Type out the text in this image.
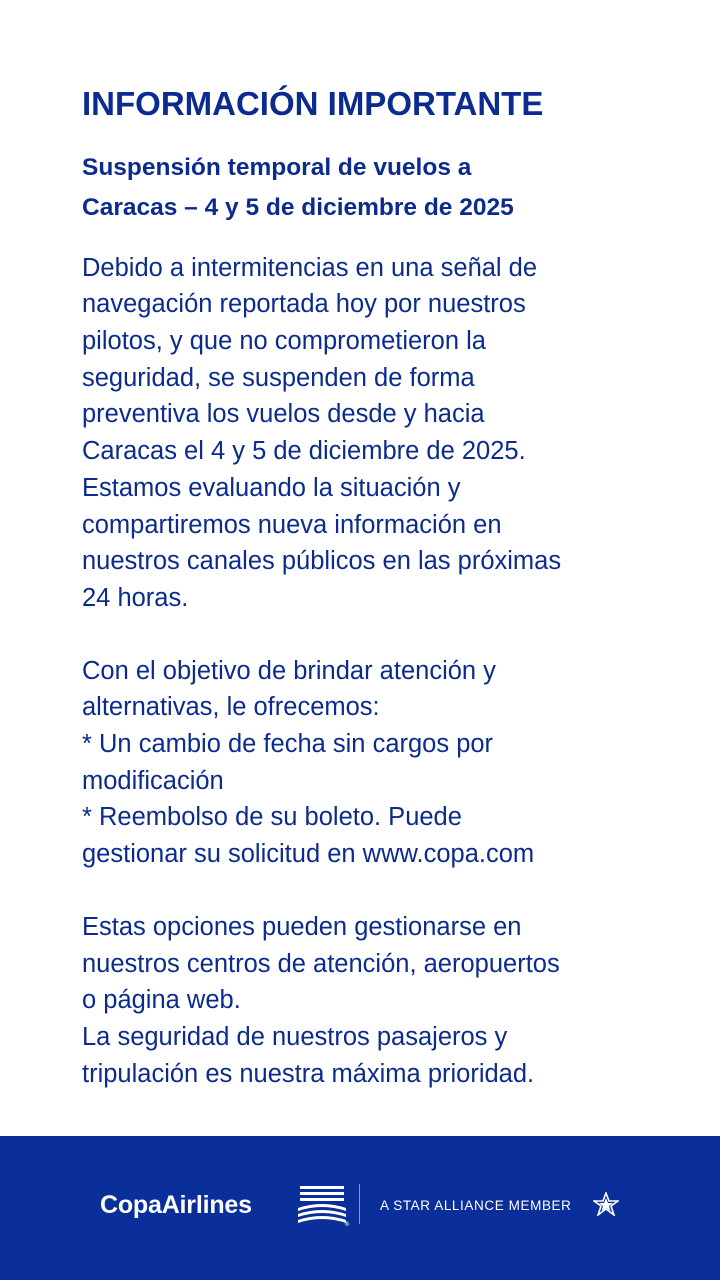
INFORMACIÓN IMPORTANTE
Suspensión temporal de vuelos a
Caracas – 4 y 5 de diciembre de 2025
Debido a intermitencias en una señal de
navegación reportada hoy por nuestros
pilotos, y que no comprometieron la
seguridad, se suspenden de forma
preventiva los vuelos desde y hacia
Caracas el 4 y 5 de diciembre de 2025.
Estamos evaluando la situación y
compartiremos nueva información en
nuestros canales públicos en las próximas
24 horas.
Con el objetivo de brindar atención y
alternativas, le ofrecemos:
* Un cambio de fecha sin cargos por
modificación
* Reembolso de su boleto. Puede
gestionar su solicitud en www.copa.com
Estas opciones pueden gestionarse en
nuestros centros de atención, aeropuertos
o página web.
La seguridad de nuestros pasajeros y
tripulación es nuestra máxima prioridad.
CopaAirlines
®
A STAR ALLIANCE MEMBER
